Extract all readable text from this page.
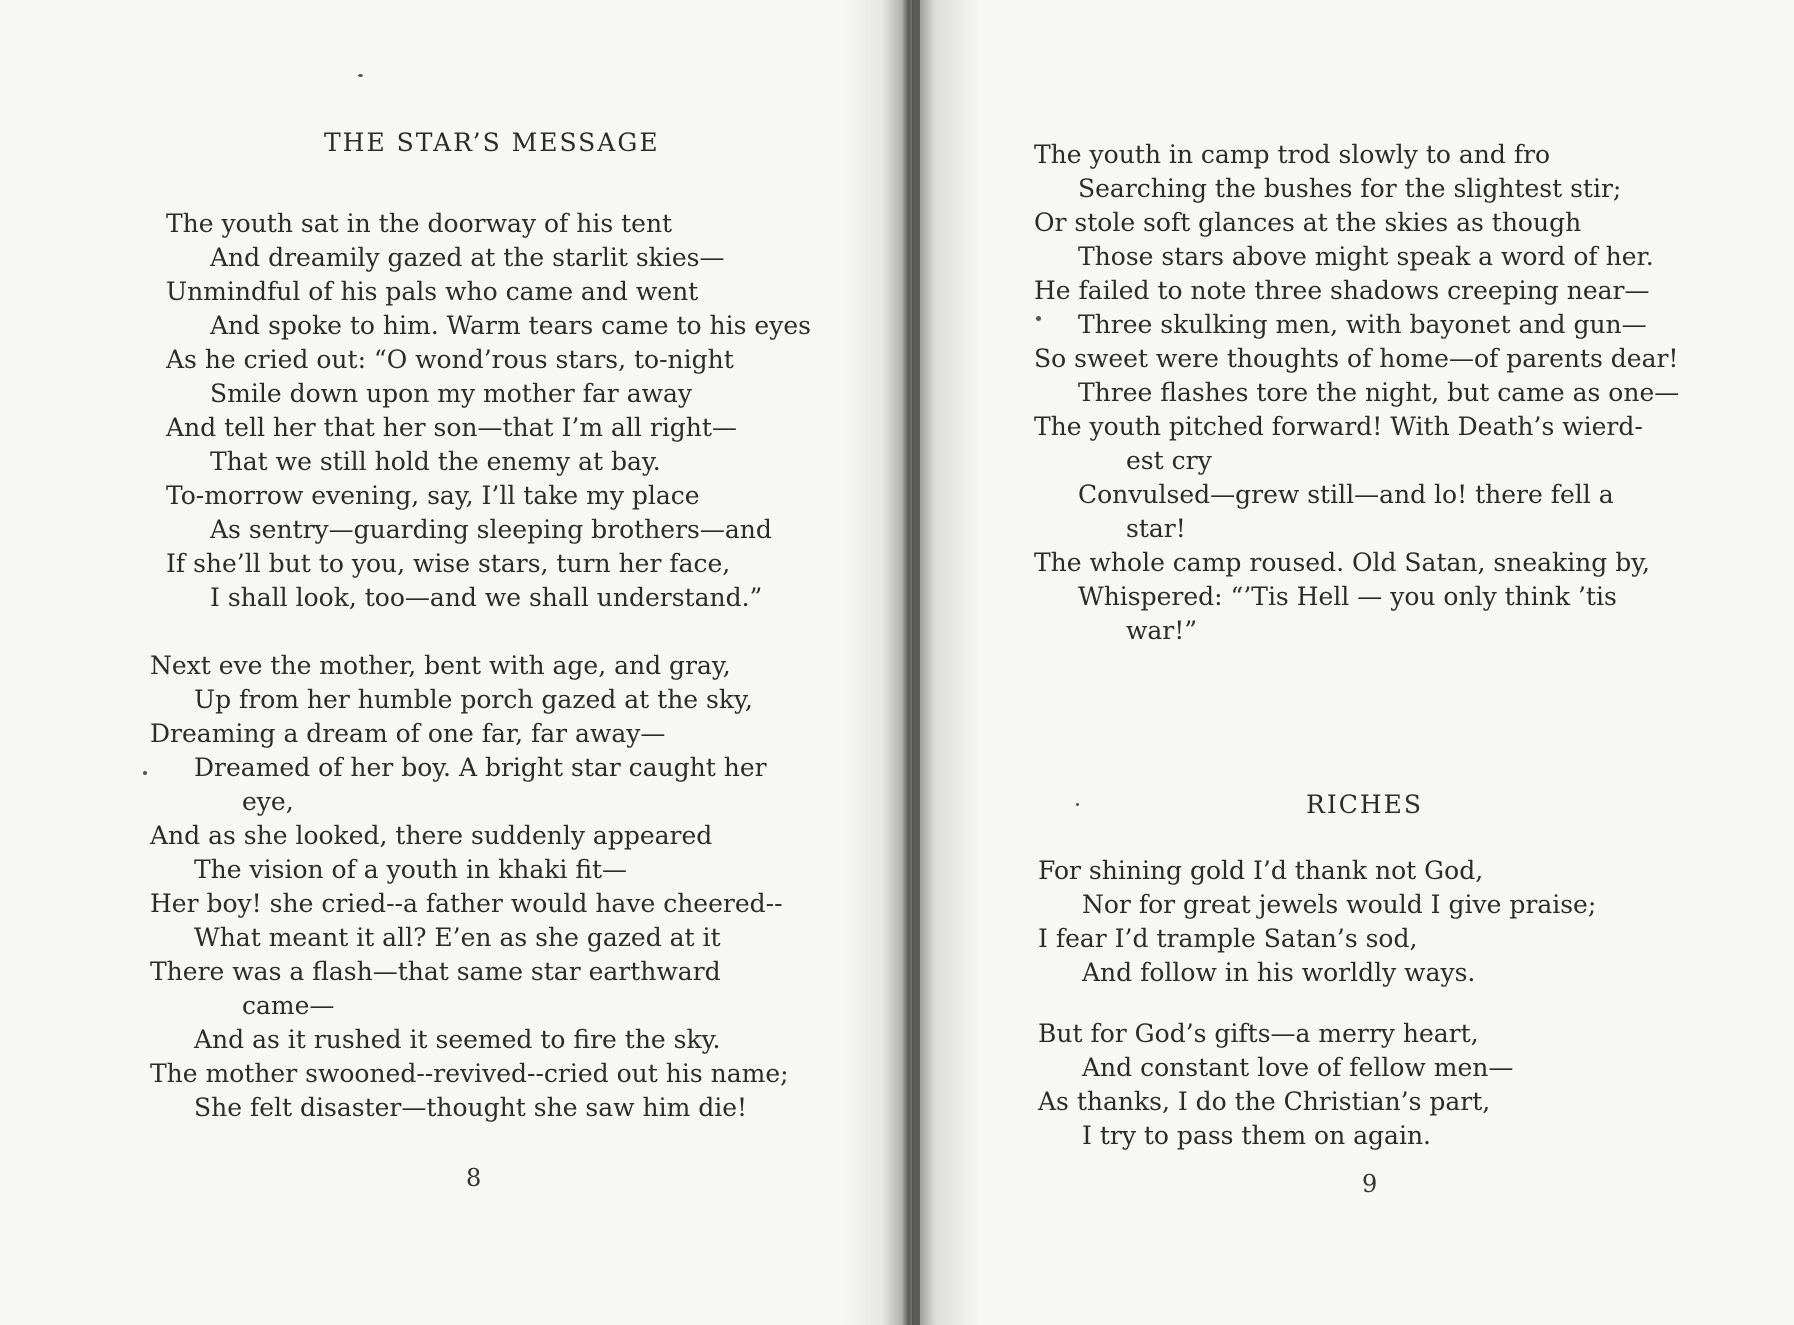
THE STAR’S MESSAGE
The youth sat in the doorway of his tent
And dreamily gazed at the starlit skies—
Unmindful of his pals who came and went
And spoke to him. Warm tears came to his eyes
As he cried out: “O wond’rous stars, to-night
Smile down upon my mother far away
And tell her that her son—that I’m all right—
That we still hold the enemy at bay.
To-morrow evening, say, I’ll take my place
As sentry—guarding sleeping brothers—and
If she’ll but to you, wise stars, turn her face,
I shall look, too—and we shall understand.”
Next eve the mother, bent with age, and gray,
Up from her humble porch gazed at the sky,
Dreaming a dream of one far, far away—
Dreamed of her boy. A bright star caught her
eye,
And as she looked, there suddenly appeared
The vision of a youth in khaki fit—
Her boy! she cried--a father would have cheered--
What meant it all? E’en as she gazed at it
There was a flash—that same star earthward
came—
And as it rushed it seemed to fire the sky.
The mother swooned--revived--cried out his name;
She felt disaster—thought she saw him die!
8
The youth in camp trod slowly to and fro
Searching the bushes for the slightest stir;
Or stole soft glances at the skies as though
Those stars above might speak a word of her.
He failed to note three shadows creeping near—
Three skulking men, with bayonet and gun—
So sweet were thoughts of home—of parents dear!
Three flashes tore the night, but came as one—
The youth pitched forward! With Death’s wierd-
est cry
Convulsed—grew still—and lo! there fell a
star!
The whole camp roused. Old Satan, sneaking by,
Whispered: “’Tis Hell — you only think ’tis
war!”
RICHES
For shining gold I’d thank not God,
Nor for great jewels would I give praise;
I fear I’d trample Satan’s sod,
And follow in his worldly ways.
But for God’s gifts—a merry heart,
And constant love of fellow men—
As thanks, I do the Christian’s part,
I try to pass them on again.
9
